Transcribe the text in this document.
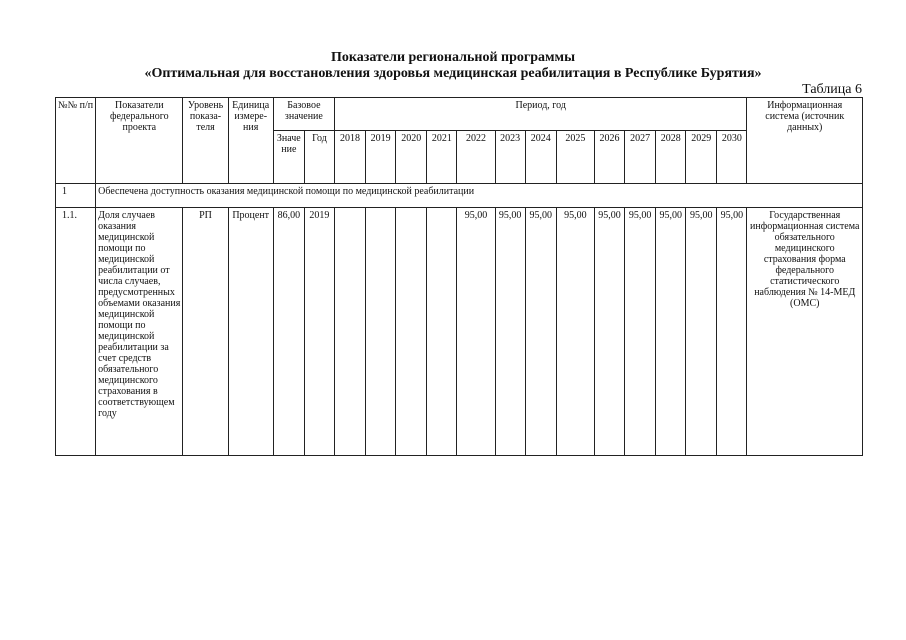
Показатели региональной программы
«Оптимальная для восстановления здоровья медицинская реабилитация в Республике Бурятия»
Таблица 6
№№ п/п	Показатели федерального проекта	Уровень показа-теля	Единица измере-ния	Базовое значение		Период, год													Информационная система (источник данных)
				Значе ние	Год	2018	2019	2020	2021	2022	2023	2024	2025	2026	2027	2028	2029	2030	
1	Обеспечена доступность оказания медицинской помощи по медицинской реабилитации																		
1.1.	Доля случаев оказания медицинской помощи по медицинской реабилитации от числа случаев, предусмотренных объемами оказания медицинской помощи по медицинской реабилитации за счет средств обязательного медицинского страхования в соответствующем году	РП	Процент	86,00	2019					95,00	95,00	95,00	95,00	95,00	95,00	95,00	95,00	95,00	Государственная информационная система обязательного медицинского страхования форма федерального статистического наблюдения № 14-МЕД (ОМС)
